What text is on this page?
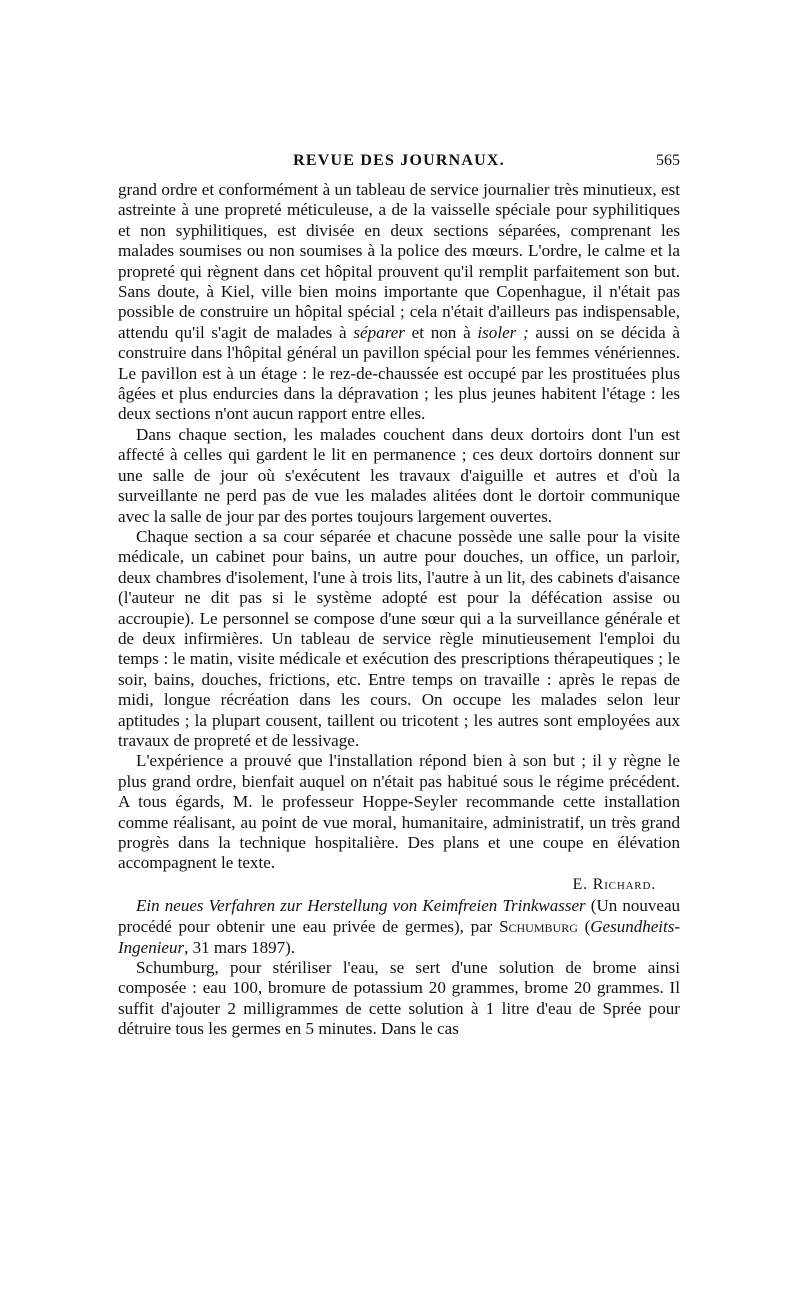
REVUE DES JOURNAUX.	565

grand ordre et conformément à un tableau de service journalier très minutieux, est astreinte à une propreté méticuleuse, a de la vaisselle spéciale pour syphilitiques et non syphilitiques, est divisée en deux sections séparées, comprenant les malades soumises ou non soumises à la police des mœurs. L'ordre, le calme et la propreté qui règnent dans cet hôpital prouvent qu'il remplit parfaitement son but. Sans doute, à Kiel, ville bien moins importante que Copenhague, il n'était pas possible de construire un hôpital spécial ; cela n'était d'ailleurs pas indispensable, attendu qu'il s'agit de malades à séparer et non à isoler ; aussi on se décida à construire dans l'hôpital général un pavillon spécial pour les femmes vénériennes. Le pavillon est à un étage : le rez-de-chaussée est occupé par les prostituées plus âgées et plus endurcies dans la dépravation ; les plus jeunes habitent l'étage : les deux sections n'ont aucun rapport entre elles.

Dans chaque section, les malades couchent dans deux dortoirs dont l'un est affecté à celles qui gardent le lit en permanence ; ces deux dortoirs donnent sur une salle de jour où s'exécutent les travaux d'aiguille et autres et d'où la surveillante ne perd pas de vue les malades alitées dont le dortoir communique avec la salle de jour par des portes toujours largement ouvertes.

Chaque section a sa cour séparée et chacune possède une salle pour la visite médicale, un cabinet pour bains, un autre pour douches, un office, un parloir, deux chambres d'isolement, l'une à trois lits, l'autre à un lit, des cabinets d'aisance (l'auteur ne dit pas si le système adopté est pour la défécation assise ou accroupie). Le personnel se compose d'une sœur qui a la surveillance générale et de deux infirmières. Un tableau de service règle minutieusement l'emploi du temps : le matin, visite médicale et exécution des prescriptions thérapeutiques ; le soir, bains, douches, frictions, etc. Entre temps on travaille : après le repas de midi, longue récréation dans les cours. On occupe les malades selon leur aptitudes ; la plupart cousent, taillent ou tricotent ; les autres sont employées aux travaux de propreté et de lessivage.

L'expérience a prouvé que l'installation répond bien à son but ; il y règne le plus grand ordre, bienfait auquel on n'était pas habitué sous le régime précédent. A tous égards, M. le professeur Hoppe-Seyler recommande cette installation comme réalisant, au point de vue moral, humanitaire, administratif, un très grand progrès dans la technique hospitalière. Des plans et une coupe en élévation accompagnent le texte.

E. Richard.

Ein neues Verfahren zur Herstellung von Keimfreien Trinkwasser (Un nouveau procédé pour obtenir une eau privée de germes), par Schumburg (Gesundheits-Ingenieur, 31 mars 1897).

Schumburg, pour stériliser l'eau, se sert d'une solution de brome ainsi composée : eau 100, bromure de potassium 20 grammes, brome 20 grammes. Il suffit d'ajouter 2 milligrammes de cette solution à 1 litre d'eau de Sprée pour détruire tous les germes en 5 minutes. Dans le cas
